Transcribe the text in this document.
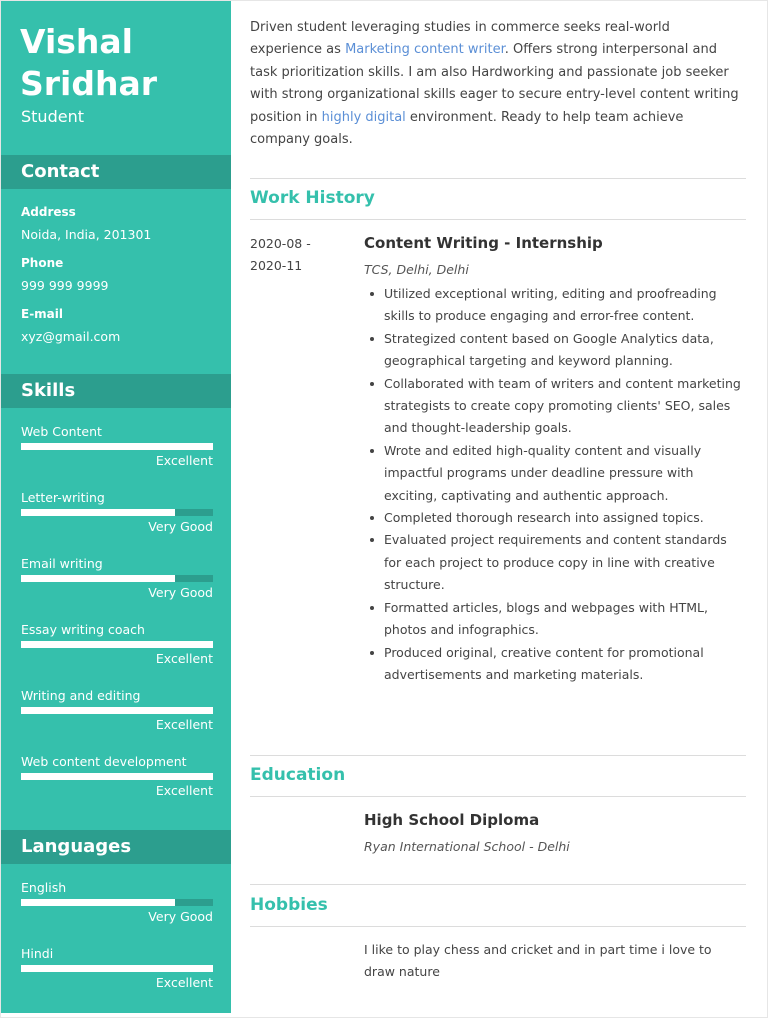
Vishal
Sridhar
Student
Contact
Address
Noida, India, 201301
Phone
999 999 9999
E-mail
xyz@gmail.com
Skills
Web Content
Excellent
Letter-writing
Very Good
Email writing
Very Good
Essay writing coach
Excellent
Writing and editing
Excellent
Web content development
Excellent
Languages
English
Very Good
Hindi
Excellent

Driven student leveraging studies in commerce seeks real-world experience as Marketing content writer. Offers strong interpersonal and task prioritization skills. I am also Hardworking and passionate job seeker with strong organizational skills eager to secure entry-level content writing position in highly digital environment. Ready to help team achieve company goals.

Work History
2020-08 -
2020-11
Content Writing - Internship
TCS, Delhi, Delhi
Utilized exceptional writing, editing and proofreading skills to produce engaging and error-free content.
Strategized content based on Google Analytics data, geographical targeting and keyword planning.
Collaborated with team of writers and content marketing strategists to create copy promoting clients' SEO, sales and thought-leadership goals.
Wrote and edited high-quality content and visually impactful programs under deadline pressure with exciting, captivating and authentic approach.
Completed thorough research into assigned topics.
Evaluated project requirements and content standards for each project to produce copy in line with creative structure.
Formatted articles, blogs and webpages with HTML, photos and infographics.
Produced original, creative content for promotional advertisements and marketing materials.
Education
High School Diploma
Ryan International School - Delhi
Hobbies

I like to play chess and cricket and in part time i love to draw nature
